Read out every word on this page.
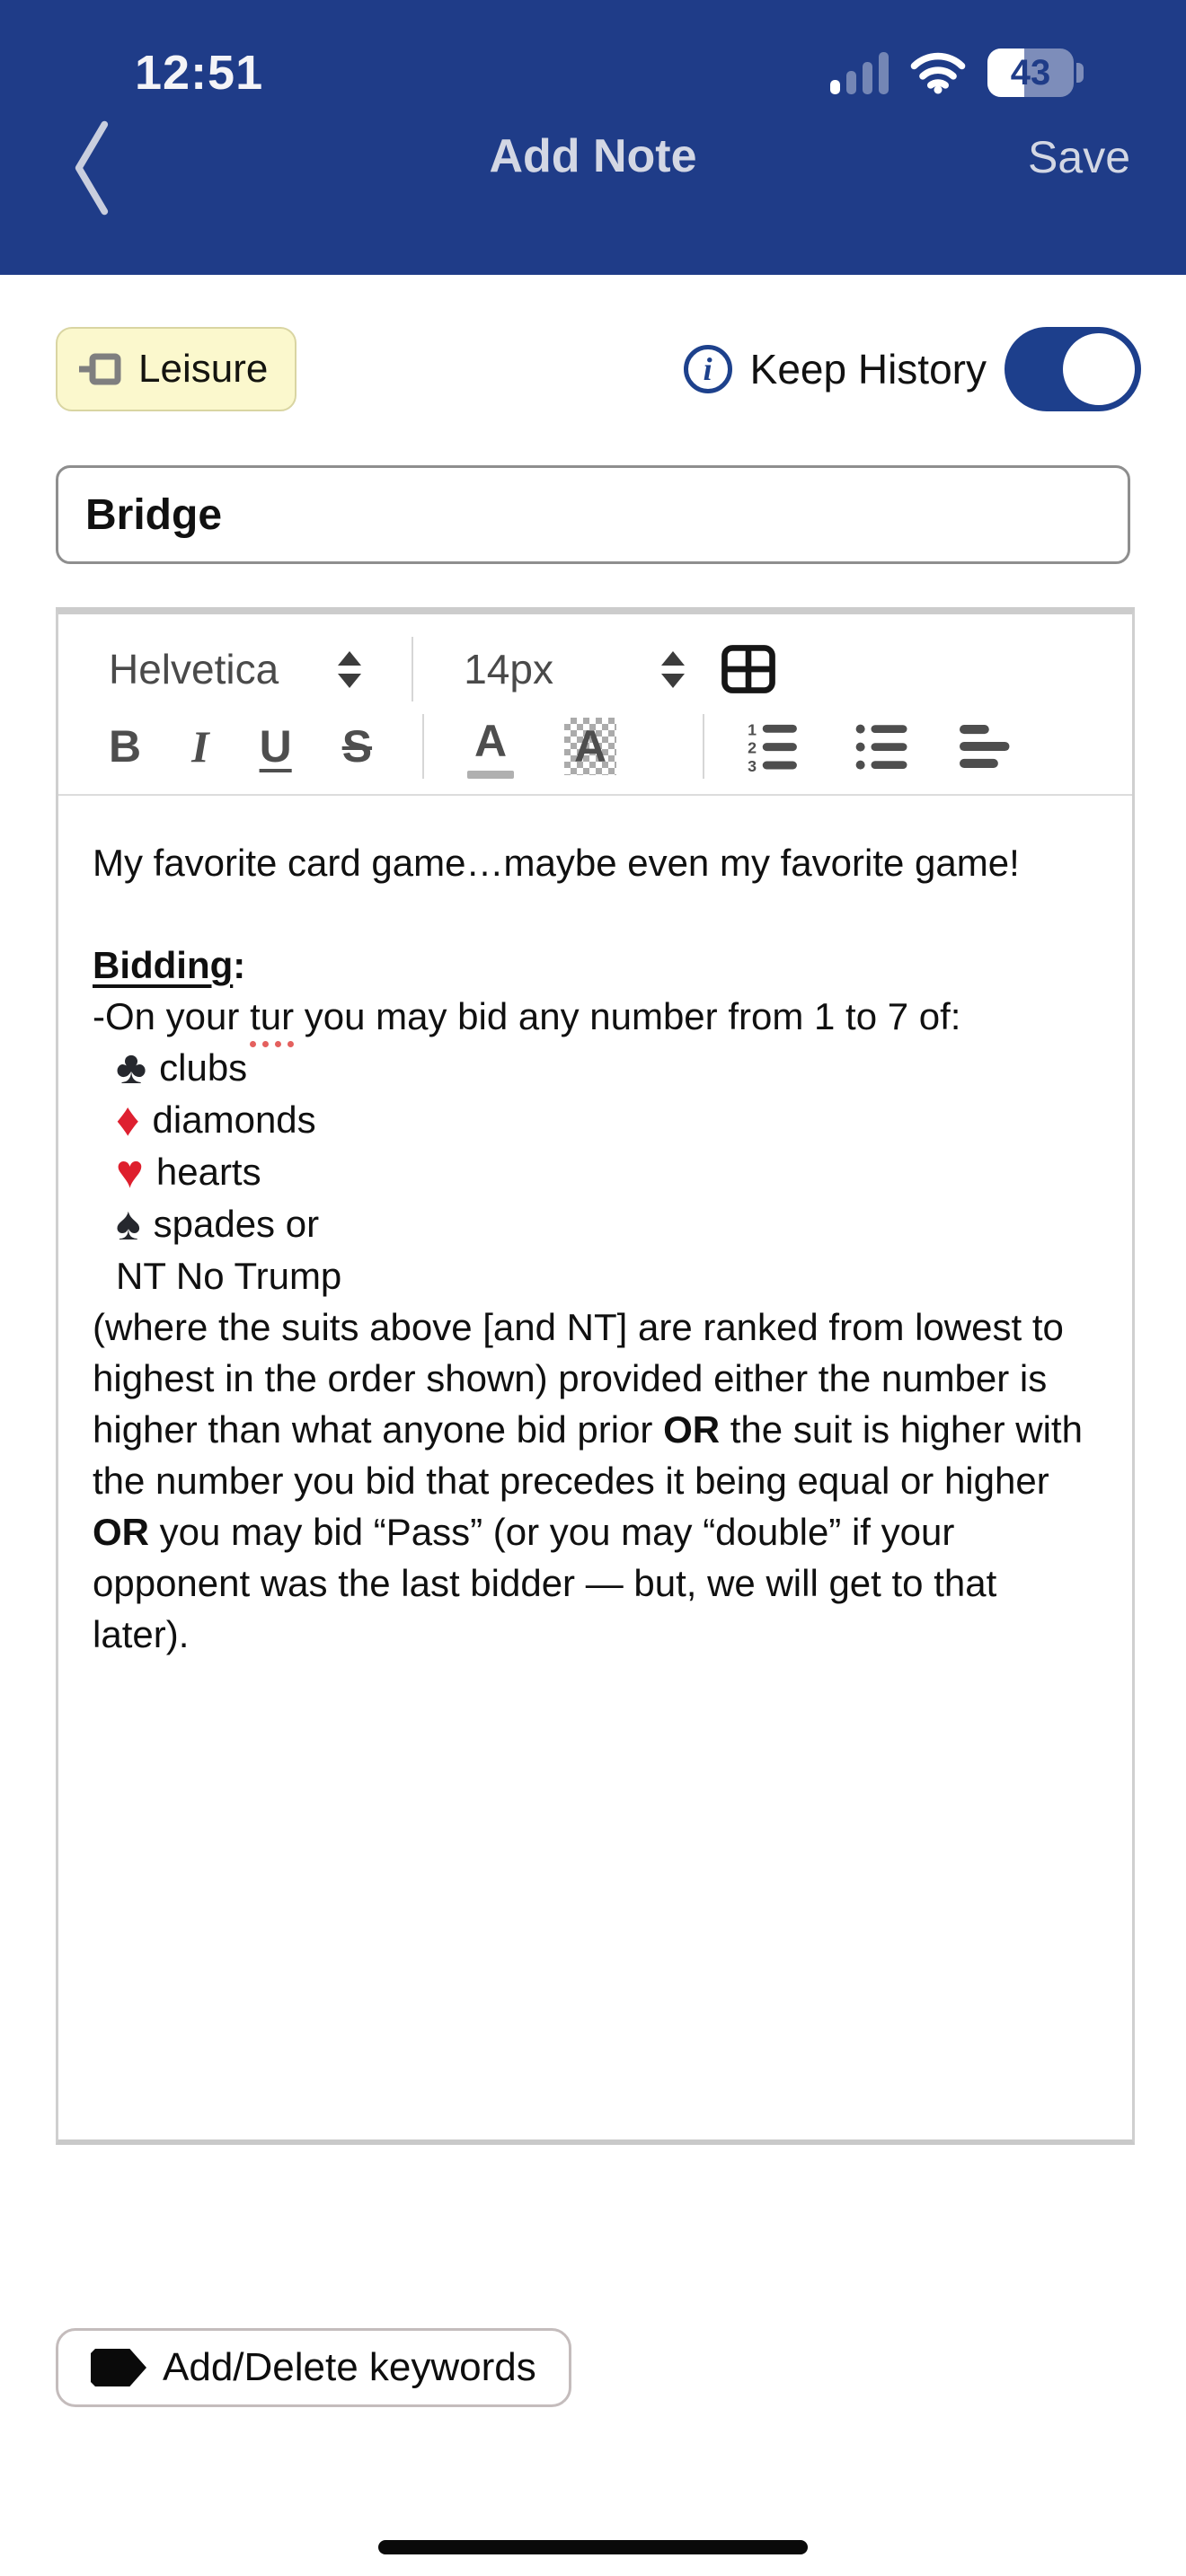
12:51	43
Add Note	Save
Leisure	i Keep History
Bridge
Helvetica	14px
B I U S A A	1
2
3

My favorite card game…maybe even my favorite game!

Bidding:

-On your tur you may bid any number from 1 to 7 of:

♣ clubs

♦ diamonds

♥ hearts

♠ spades or

NT No Trump

(where the suits above [and NT] are ranked from lowest to highest in the order shown) provided either the number is higher than what anyone bid prior OR the suit is higher with the number you bid that precedes it being equal or higher OR you may bid “Pass” (or you may “double” if your opponent was the last bidder — but, we will get to that later).

Add/Delete keywords
